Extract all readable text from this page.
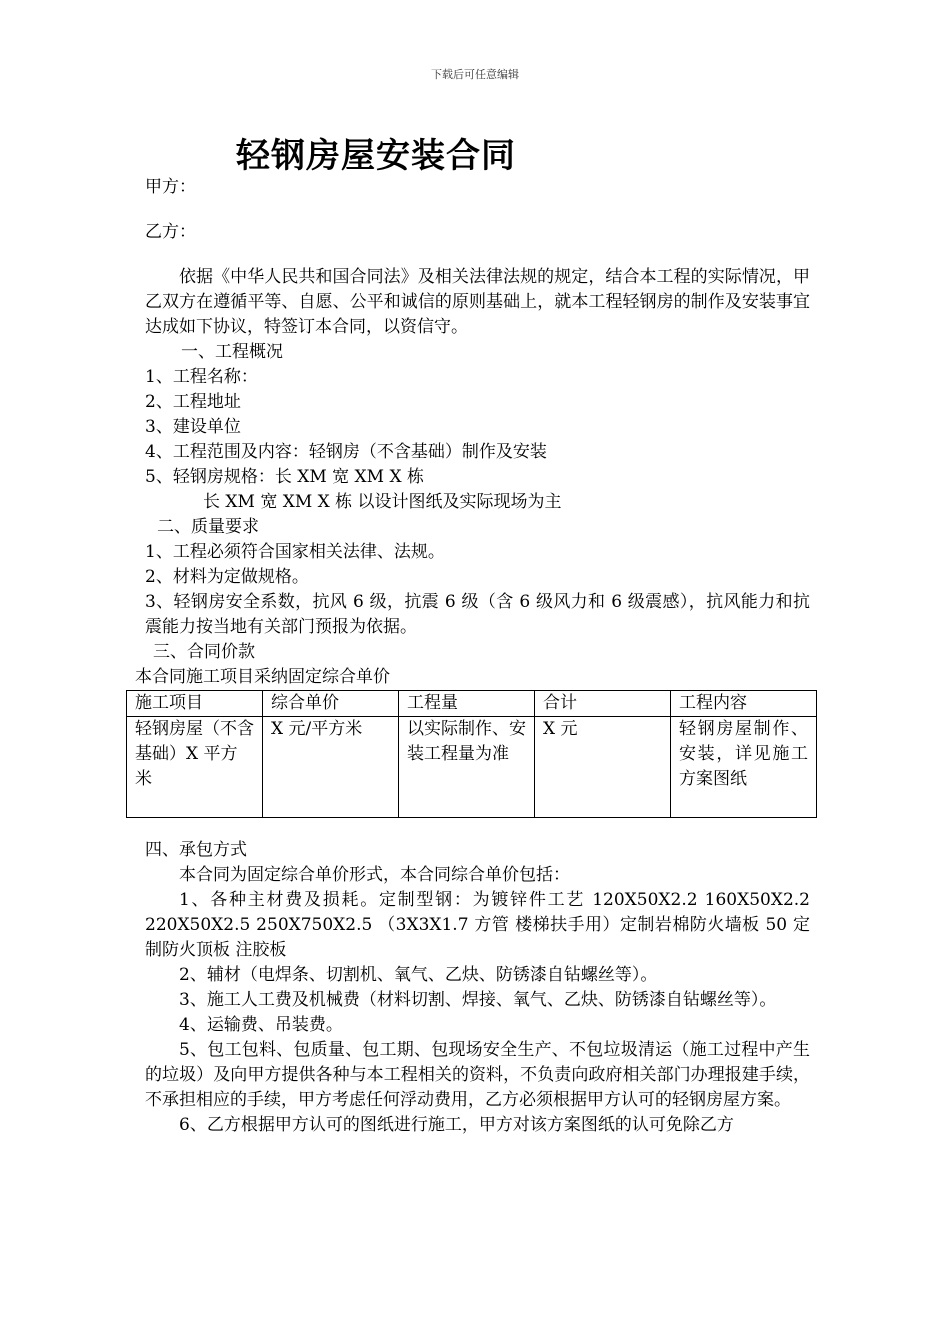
下载后可任意编辑
轻钢房屋安装合同
甲方：
乙方：
依据《中华人民共和国合同法》及相关法律法规的规定，结合本工程的实际情况，甲乙双方在遵循平等、自愿、公平和诚信的原则基础上，就本工程轻钢房的制作及安装事宜达成如下协议，特签订本合同，以资信守。
一、工程概况
1、工程名称：
2、工程地址
3、建设单位
4、工程范围及内容：轻钢房（不含基础）制作及安装
5、轻钢房规格：长 XM 宽 XM X 栋
长 XM 宽 XM X 栋 以设计图纸及实际现场为主
二、质量要求
1、工程必须符合国家相关法律、法规。
2、材料为定做规格。
3、轻钢房安全系数，抗风 6 级，抗震 6 级（含 6 级风力和 6 级震感），抗风能力和抗震能力按当地有关部门预报为依据。
三、合同价款
本合同施工项目采纳固定综合单价
施工项目	综合单价	工程量	合计	工程内容
轻钢房屋（不含基础）X 平方米	X 元/平方米	以实际制作、安装工程量为准	X 元	轻钢房屋制作、安装，详见施工方案图纸
四、承包方式
本合同为固定综合单价形式，本合同综合单价包括：
1、各种主材费及损耗。定制型钢：为镀锌件工艺 120X50X2.2 160X50X2.2 220X50X2.5 250X750X2.5 （3X3X1.7 方管 楼梯扶手用）定制岩棉防火墙板 50 定制防火顶板 注胶板
2、辅材（电焊条、切割机、氧气、乙炔、防锈漆自钻螺丝等）。
3、施工人工费及机械费（材料切割、焊接、氧气、乙炔、防锈漆自钻螺丝等）。
4、运输费、吊装费。
5、包工包料、包质量、包工期、包现场安全生产、不包垃圾清运（施工过程中产生的垃圾）及向甲方提供各种与本工程相关的资料，不负责向政府相关部门办理报建手续，不承担相应的手续，甲方考虑任何浮动费用，乙方必须根据甲方认可的轻钢房屋方案。
6、乙方根据甲方认可的图纸进行施工，甲方对该方案图纸的认可免除乙方
